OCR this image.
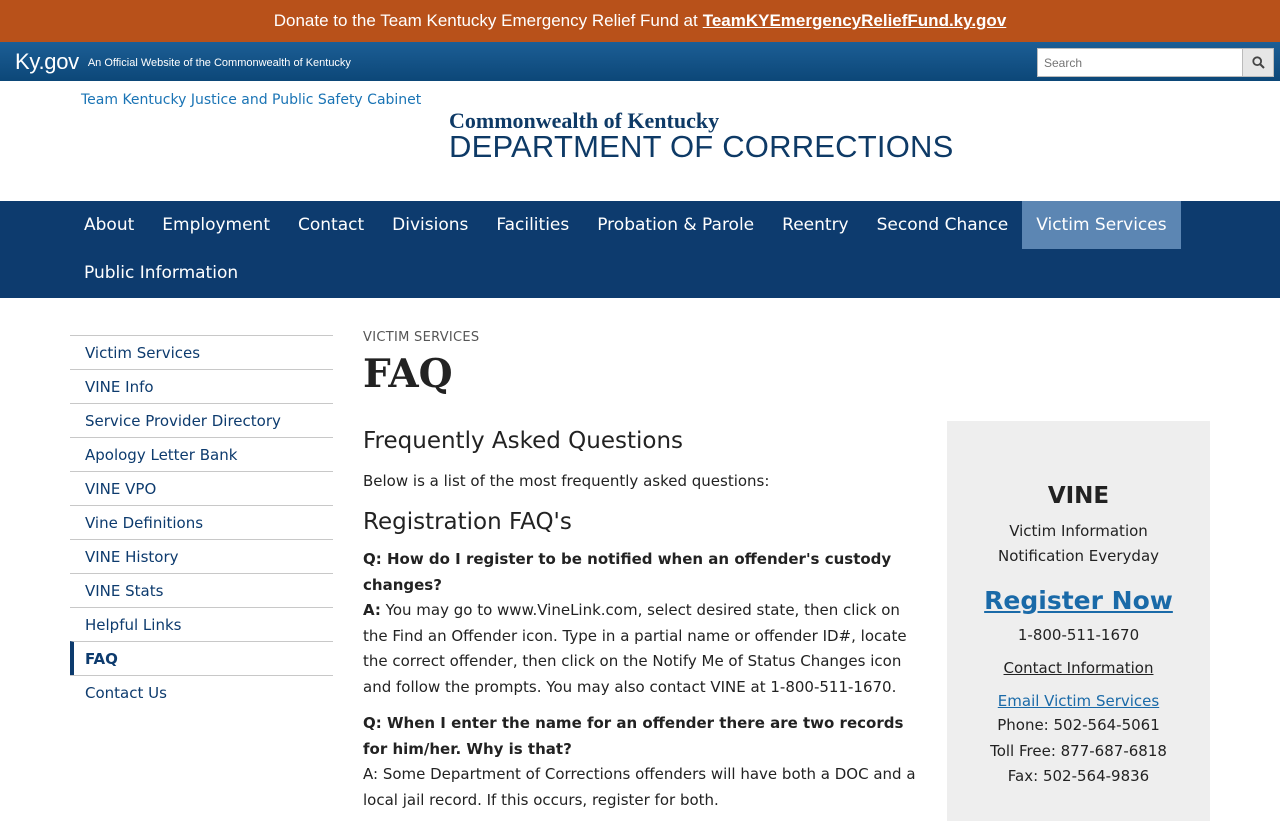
Donate to the Team Kentucky Emergency Relief Fund at TeamKYEmergencyReliefFund.ky.gov
Ky.gov An Official Website of the Commonwealth of Kentucky
Search
Team Kentucky Justice and Public Safety Cabinet
Commonwealth of Kentucky
DEPARTMENT OF CORRECTIONS
About	Employment	Contact	Divisions	Facilities	Probation & Parole	Reentry	Second Chance	Victim Services
Public Information
Victim Services
VINE Info
Service Provider Directory
Apology Letter Bank
VINE VPO
Vine Definitions
VINE History
VINE Stats
Helpful Links
FAQ
Contact Us
VICTIM SERVICES
FAQ
Frequently Asked Questions
Below is a list of the most frequently asked questions:
Registration FAQ's
Q: How do I register to be notified when an offender's custody changes?
A: You may go to www.VineLink.com, select desired state, then click on the Find an Offender icon. Type in a partial name or offender ID#, locate the correct offender, then click on the Notify Me of Status Changes icon and follow the prompts. You may also contact VINE at 1-800-511-1670.
Q: When I enter the name for an offender there are two records for him/her. Why is that?
A: Some Department of Corrections offenders will have both a DOC and a local jail record. If this occurs, register for both.
VINE
Victim Information
Notification Everyday
Register Now
1-800-511-1670
Contact Information
Email Victim Services
Phone: 502-564-5061
Toll Free: 877-687-6818
Fax: 502-564-9836
